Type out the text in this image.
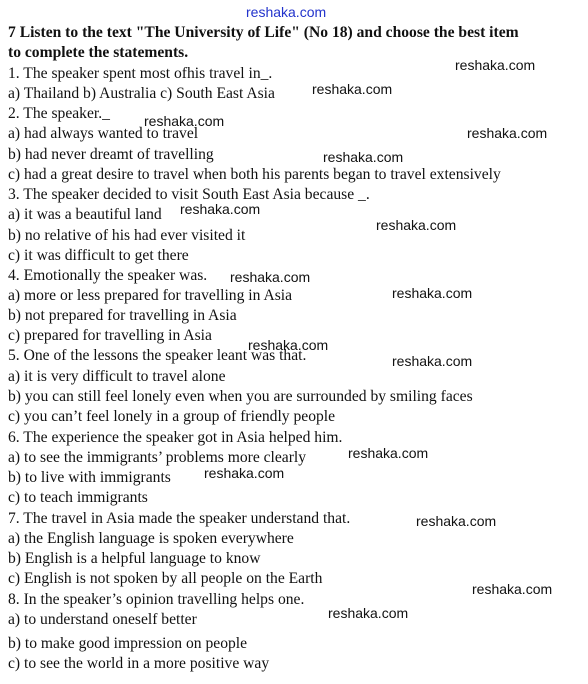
reshaka.com
7 Listen to the text "The University of Life" (No 18) and choose the best item
to complete the statements.
1. The speaker spent most ofhis travel in_.
a) Thailand b) Australia c) South East Asia
2. The speaker._
a) had always wanted to travel
b) had never dreamt of travelling
c) had a great desire to travel when both his parents began to travel extensively
3. The speaker decided to visit South East Asia because _.
a) it was a beautiful land
b) no relative of his had ever visited it
c) it was difficult to get there
4. Emotionally the speaker was.
a) more or less prepared for travelling in Asia
b) not prepared for travelling in Asia
c) prepared for travelling in Asia
5. One of the lessons the speaker leant was that.
a) it is very difficult to travel alone
b) you can still feel lonely even when you are surrounded by smiling faces
c) you can’t feel lonely in a group of friendly people
6. The experience the speaker got in Asia helped him.
a) to see the immigrants’ problems more clearly
b) to live with immigrants
c) to teach immigrants
7. The travel in Asia made the speaker understand that.
a) the English language is spoken everywhere
b) English is a helpful language to know
c) English is not spoken by all people on the Earth
8. In the speaker’s opinion travelling helps one.
a) to understand oneself better
b) to make good impression on people
c) to see the world in a more positive way
reshaka.com
reshaka.com
reshaka.com
reshaka.com
reshaka.com
reshaka.com
reshaka.com
reshaka.com
reshaka.com
reshaka.com
reshaka.com
reshaka.com
reshaka.com
reshaka.com
reshaka.com
reshaka.com
